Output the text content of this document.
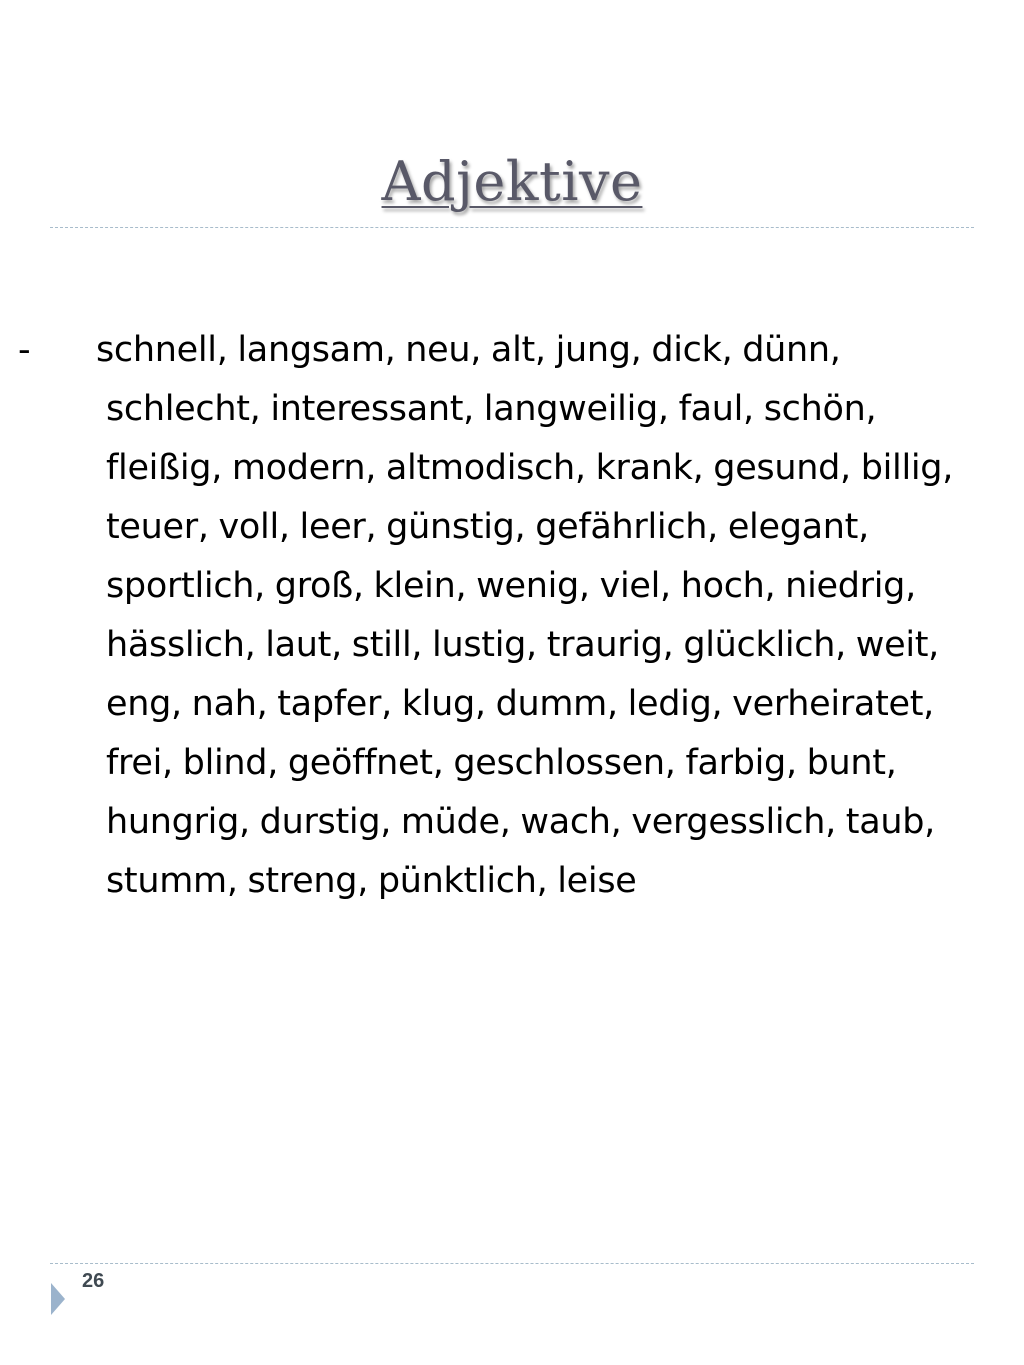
Adjektive

- schnell, langsam, neu, alt, jung, dick, dünn, schlecht, interessant, langweilig, faul, schön, fleißig, modern, altmodisch, krank, gesund, billig, teuer, voll, leer, günstig, gefährlich, elegant, sportlich, groß, klein, wenig, viel, hoch, niedrig, hässlich, laut, still, lustig, traurig, glücklich, weit, eng, nah, tapfer, klug, dumm, ledig, verheiratet, frei, blind, geöffnet, geschlossen, farbig, bunt, hungrig, durstig, müde, wach, vergesslich, taub, stumm, streng, pünktlich, leise

26
